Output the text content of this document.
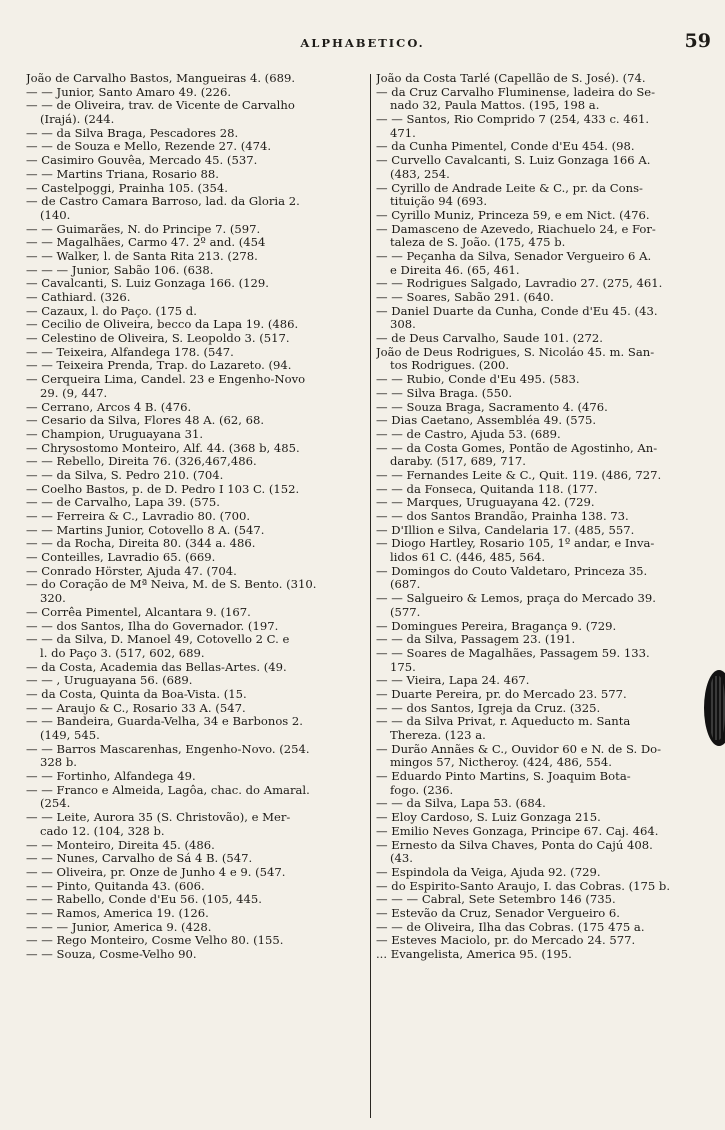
ALPHABETICO.	59
João de Carvalho Bastos, Mangueiras 4. (689.
— — Junior, Santo Amaro 49. (226.
— — de Oliveira, trav. de Vicente de Carvalho
(Irajá). (244.
— — da Silva Braga, Pescadores 28.
— — de Souza e Mello, Rezende 27. (474.
— Casimiro Gouvêa, Mercado 45. (537.
— — Martins Triana, Rosario 88.
— Castelpoggi, Prainha 105. (354.
— de Castro Camara Barroso, lad. da Gloria 2.
(140.
— — Guimarães, N. do Principe 7. (597.
— — Magalhães, Carmo 47. 2º and. (454
— — Walker, l. de Santa Rita 213. (278.
— — — Junior, Sabão 106. (638.
— Cavalcanti, S. Luiz Gonzaga 166. (129.
— Cathiard. (326.
— Cazaux, l. do Paço. (175 d.
— Cecilio de Oliveira, becco da Lapa 19. (486.
— Celestino de Oliveira, S. Leopoldo 3. (517.
— — Teixeira, Alfandega 178. (547.
— — Teixeira Prenda, Trap. do Lazareto. (94.
— Cerqueira Lima, Candel. 23 e Engenho-Novo
29. (9, 447.
— Cerrano, Arcos 4 B. (476.
— Cesario da Silva, Flores 48 A. (62, 68.
— Champion, Uruguayana 31.
— Chrysostomo Monteiro, Alf. 44. (368 b, 485.
— — Rebello, Direita 76. (326,467,486.
— — da Silva, S. Pedro 210. (704.
— Coelho Bastos, p. de D. Pedro I 103 C. (152.
— — de Carvalho, Lapa 39. (575.
— — Ferreira & C., Lavradio 80. (700.
— — Martins Junior, Cotovello 8 A. (547.
— — da Rocha, Direita 80. (344 a. 486.
— Conteilles, Lavradio 65. (669.
— Conrado Hörster, Ajuda 47. (704.
— do Coração de Mª Neiva, M. de S. Bento. (310.
320.
— Corrêa Pimentel, Alcantara 9. (167.
— — dos Santos, Ilha do Governador. (197.
— — da Silva, D. Manoel 49, Cotovello 2 C. e
l. do Paço 3. (517, 602, 689.
— da Costa, Academia das Bellas-Artes. (49.
— — , Uruguayana 56. (689.
— da Costa, Quinta da Boa-Vista. (15.
— — Araujo & C., Rosario 33 A. (547.
— — Bandeira, Guarda-Velha, 34 e Barbonos 2.
(149, 545.
— — Barros Mascarenhas, Engenho-Novo. (254.
328 b.
— — Fortinho, Alfandega 49.
— — Franco e Almeida, Lagôa, chac. do Amaral.
(254.
— — Leite, Aurora 35 (S. Christovão), e Mer-
cado 12. (104, 328 b.
— — Monteiro, Direita 45. (486.
— — Nunes, Carvalho de Sá 4 B. (547.
— — Oliveira, pr. Onze de Junho 4 e 9. (547.
— — Pinto, Quitanda 43. (606.
— — Rabello, Conde d'Eu 56. (105, 445.
— — Ramos, America 19. (126.
— — — Junior, America 9. (428.
— — Rego Monteiro, Cosme Velho 80. (155.
— — Souza, Cosme-Velho 90.
João da Costa Tarlé (Capellão de S. José). (74.
— da Cruz Carvalho Fluminense, ladeira do Se-
nado 32, Paula Mattos. (195, 198 a.
— — Santos, Rio Comprido 7 (254, 433 c. 461.
471.
— da Cunha Pimentel, Conde d'Eu 454. (98.
— Curvello Cavalcanti, S. Luiz Gonzaga 166 A.
(483, 254.
— Cyrillo de Andrade Leite & C., pr. da Cons-
tituição 94 (693.
— Cyrillo Muniz, Princeza 59, e em Nict. (476.
— Damasceno de Azevedo, Riachuelo 24, e For-
taleza de S. João. (175, 475 b.
— — Peçanha da Silva, Senador Vergueiro 6 A.
e Direita 46. (65, 461.
— — Rodrigues Salgado, Lavradio 27. (275, 461.
— — Soares, Sabão 291. (640.
— Daniel Duarte da Cunha, Conde d'Eu 45. (43.
308.
— de Deus Carvalho, Saude 101. (272.
João de Deus Rodrigues, S. Nicoláo 45. m. San-
tos Rodrigues. (200.
— — Rubio, Conde d'Eu 495. (583.
— — Silva Braga. (550.
— — Souza Braga, Sacramento 4. (476.
— Dias Caetano, Assembléa 49. (575.
— — de Castro, Ajuda 53. (689.
— — da Costa Gomes, Pontão de Agostinho, An-
daraby. (517, 689, 717.
— — Fernandes Leite & C., Quit. 119. (486, 727.
— — da Fonseca, Quitanda 118. (177.
— — Marques, Uruguayana 42. (729.
— — dos Santos Brandão, Prainha 138. 73.
— D'Illion e Silva, Candelaria 17. (485, 557.
— Diogo Hartley, Rosario 105, 1º andar, e Inva-
lidos 61 C. (446, 485, 564.
— Domingos do Couto Valdetaro, Princeza 35.
(687.
— — Salgueiro & Lemos, praça do Mercado 39.
(577.
— Domingues Pereira, Bragança 9. (729.
— — da Silva, Passagem 23. (191.
— — Soares de Magalhães, Passagem 59. 133.
175.
— — Vieira, Lapa 24. 467.
— Duarte Pereira, pr. do Mercado 23. 577.
— — dos Santos, Igreja da Cruz. (325.
— — da Silva Privat, r. Aqueducto m. Santa
Thereza. (123 a.
— Durão Annães & C., Ouvidor 60 e N. de S. Do-
mingos 57, Nictheroy. (424, 486, 554.
— Eduardo Pinto Martins, S. Joaquim Bota-
fogo. (236.
— — da Silva, Lapa 53. (684.
— Eloy Cardoso, S. Luiz Gonzaga 215.
— Emilio Neves Gonzaga, Principe 67. Caj. 464.
— Ernesto da Silva Chaves, Ponta do Cajú 408.
(43.
— Espindola da Veiga, Ajuda 92. (729.
— do Espirito-Santo Araujo, I. das Cobras. (175 b.
— — — Cabral, Sete Setembro 146 (735.
— Estevão da Cruz, Senador Vergueiro 6.
— — de Oliveira, Ilha das Cobras. (175 475 a.
— Esteves Maciolo, pr. do Mercado 24. 577.
... Evangelista, America 95. (195.
